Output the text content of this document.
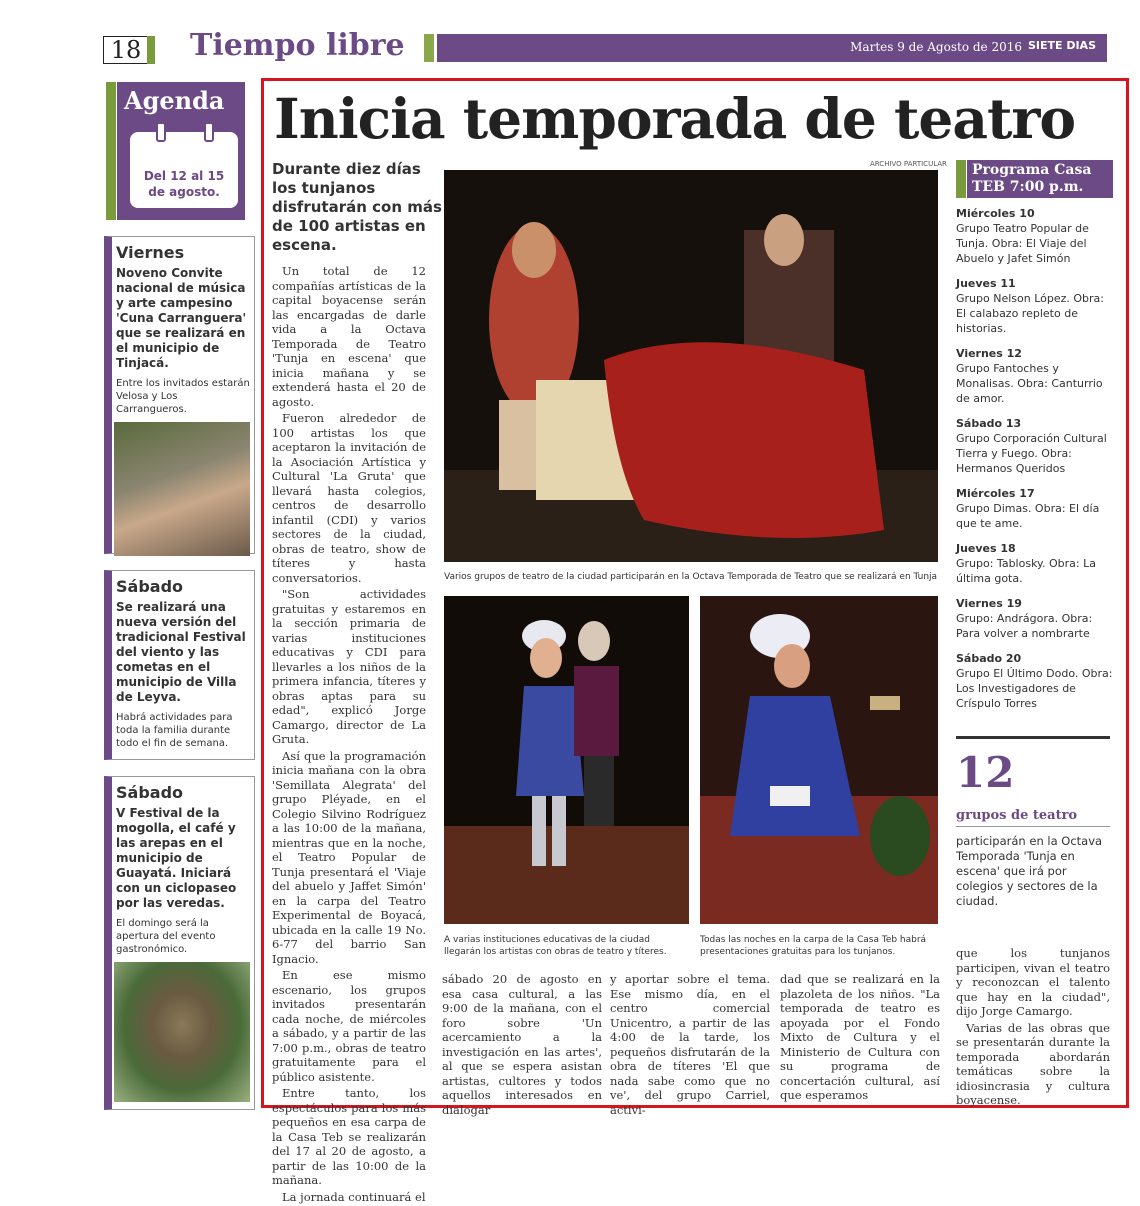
18 Tiempo libre	Martes 9 de Agosto de 2016 SIETE DIAS
Agenda
Del 12 al 15 de agosto.
Viernes
Noveno Convite nacional de música y arte campesino 'Cuna Carranguera' que se realizará en el municipio de Tinjacá.
Entre los invitados estarán Velosa y Los Carrangueros.
Sábado
Se realizará una nueva versión del tradicional Festival del viento y las cometas en el municipio de Villa de Leyva.
Habrá actividades para toda la familia durante todo el fin de semana.
Sábado
V Festival de la mogolla, el café y las arepas en el municipio de Guayatá. Iniciará con un ciclopaseo por las veredas.
El domingo será la apertura del evento gastronómico.
Inicia temporada de teatro
Durante diez días los tunjanos disfrutarán con más de 100 artistas en escena.

Un total de 12 compañías artísticas de la capital boyacense serán las encargadas de darle vida a la Octava Temporada de Teatro 'Tunja en escena' que inicia mañana y se extenderá hasta el 20 de agosto.

Fueron alrededor de 100 artistas los que aceptaron la invitación de la Asociación Artística y Cultural 'La Gruta' que llevará hasta colegios, centros de desarrollo infantil (CDI) y varios sectores de la ciudad, obras de teatro, show de títeres y hasta conversatorios.

"Son actividades gratuitas y estaremos en la sección primaria de varias instituciones educativas y CDI para llevarles a los niños de la primera infancia, títeres y obras aptas para su edad", explicó Jorge Camargo, director de La Gruta.

Así que la programación inicia mañana con la obra 'Semillata Alegrata' del grupo Pléyade, en el Colegio Silvino Rodríguez a las 10:00 de la mañana, mientras que en la noche, el Teatro Popular de Tunja presentará el 'Viaje del abuelo y Jaffet Simón' en la carpa del Teatro Experimental de Boyacá, ubicada en la calle 19 No. 6-77 del barrio San Ignacio.

En ese mismo escenario, los grupos invitados presentarán cada noche, de miércoles a sábado, y a partir de las 7:00 p.m., obras de teatro gratuitamente para el público asistente.

Entre tanto, los espectáculos para los más pequeños en esa carpa de la Casa Teb se realizarán del 17 al 20 de agosto, a partir de las 10:00 de la mañana.

La jornada continuará el

ARCHIVO PARTICULAR
Varios grupos de teatro de la ciudad participarán en la Octava Temporada de Teatro que se realizará en Tunja
A varias instituciones educativas de la ciudad llegarán los artistas con obras de teatro y títeres.
Todas las noches en la carpa de la Casa Teb habrá presentaciones gratuitas para los tunjanos.

sábado 20 de agosto en esa casa cultural, a las 9:00 de la mañana, con el foro sobre 'Un acercamiento a la investigación en las artes', al que se espera asistan artistas, cultores y todos aquellos interesados en dialogar

y aportar sobre el tema. Ese mismo día, en el centro comercial Unicentro, a partir de las 4:00 de la tarde, los pequeños disfrutarán de la obra de títeres 'El que nada sabe como que no ve', del grupo Carriel, activi-

dad que se realizará en la plazoleta de los niños. "La temporada de teatro es apoyada por el Fondo Mixto de Cultura y el Ministerio de Cultura con su programa de concertación cultural, así que esperamos

que los tunjanos participen, vivan el teatro y reconozcan el talento que hay en la ciudad", dijo Jorge Camargo.

Varias de las obras que se presentarán durante la temporada abordarán temáticas sobre la idiosincrasia y cultura boyacense.

Programa Casa TEB 7:00 p.m.
Miércoles 10
Grupo Teatro Popular de Tunja. Obra: El Viaje del Abuelo y Jafet Simón
Jueves 11
Grupo Nelson López. Obra: El calabazo repleto de historias.
Viernes 12
Grupo Fantoches y Monalisas. Obra: Canturrio de amor.
Sábado 13
Grupo Corporación Cultural Tierra y Fuego. Obra: Hermanos Queridos
Miércoles 17
Grupo Dimas. Obra: El día que te ame.
Jueves 18
Grupo: Tablosky. Obra: La última gota.
Viernes 19
Grupo: Andrágora. Obra: Para volver a nombrarte
Sábado 20
Grupo El Último Dodo. Obra: Los Investigadores de Críspulo Torres
12
grupos de teatro
participarán en la Octava Temporada 'Tunja en escena' que irá por colegios y sectores de la ciudad.
